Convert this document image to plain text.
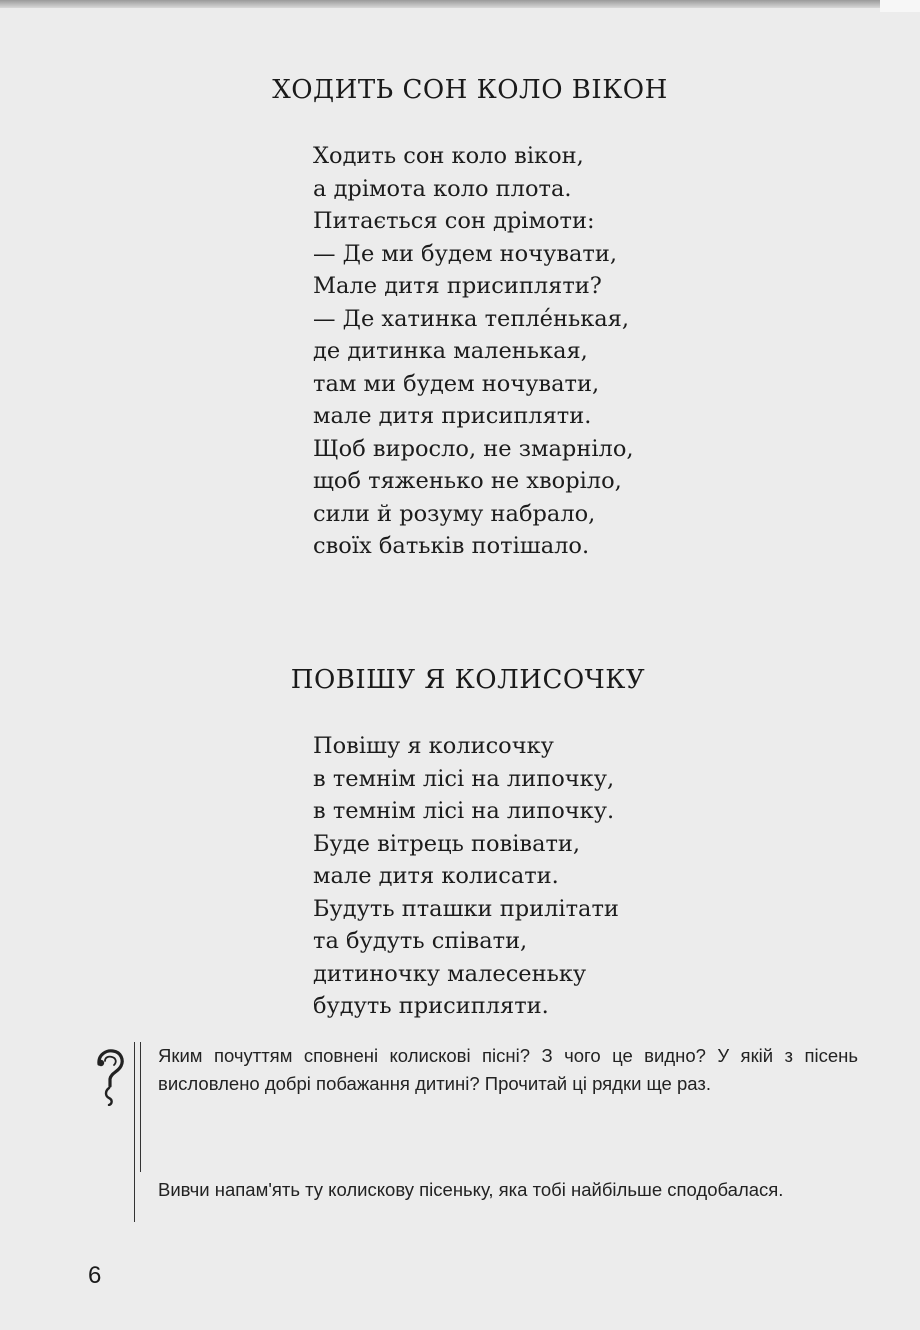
ХОДИТЬ СОН КОЛО ВІКОН
Ходить сон коло вікон,
а дрімота коло плота.
Питається сон дрімоти:
— Де ми будем ночувати,
Мале дитя присипляти?
— Де хатинка тепле́нькая,
де дитинка маленькая,
там ми будем ночувати,
мале дитя присипляти.
Щоб виросло, не змарніло,
щоб тяженько не хворіло,
сили й розуму набрало,
своїх батьків потішало.
ПОВІШУ Я КОЛИСОЧКУ
Повішу я колисочку
в темнім лісі на липочку,
в темнім лісі на липочку.
Буде вітрець повівати,
мале дитя колисати.
Будуть пташки прилітати
та будуть співати,
дитиночку малесеньку
будуть присипляти.

Яким почуттям сповнені колискові пісні? З чого це видно? У якій з пісень висловлено добрі побажання дитині? Прочитай ці рядки ще раз.

Вивчи напам'ять ту колискову пісеньку, яка тобі найбільше сподобалася.

6
